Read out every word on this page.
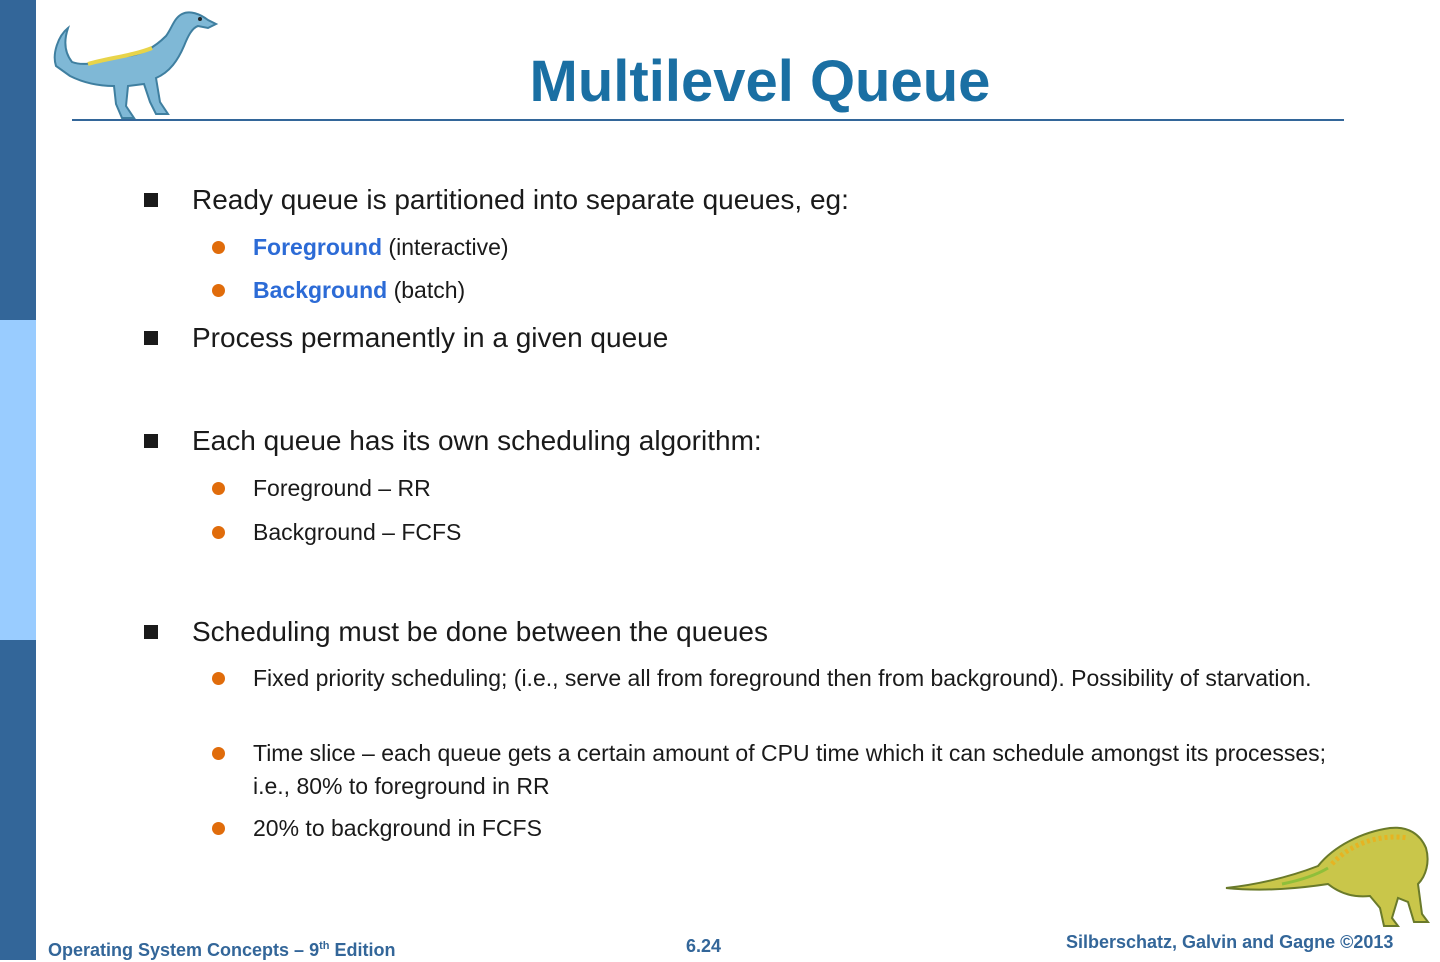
Multilevel Queue
Ready queue is partitioned into separate queues, eg:
Foreground (interactive)
Background (batch)
Process permanently in a given queue
Each queue has its own scheduling algorithm:
Foreground – RR
Background – FCFS
Scheduling must be done between the queues
Fixed priority scheduling; (i.e., serve all from foreground then from background). Possibility of starvation.
Time slice – each queue gets a certain amount of CPU time which it can schedule amongst its processes; i.e., 80% to foreground in RR
20% to background in FCFS
Operating System Concepts – 9th Edition	6.24	Silberschatz, Galvin and Gagne ©2013
